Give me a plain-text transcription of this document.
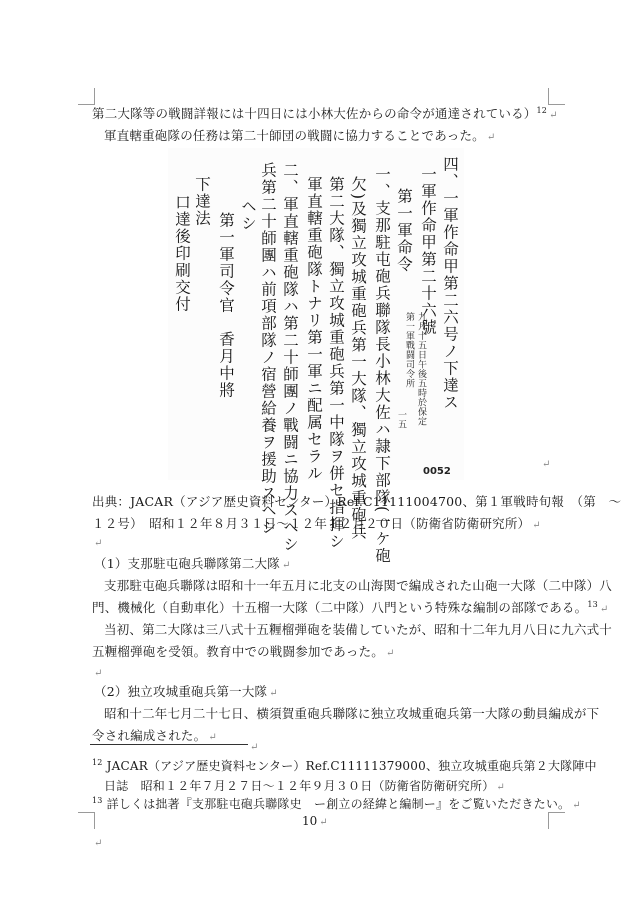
第二大隊等の戦闘詳報には十四日には小林大佐からの命令が通達されている）$^{12}$ ↵
軍直轄重砲隊の任務は第二十師団の戦闘に協力することであった。 ↵
四、一軍作命甲第二六号ノ下達ス
一軍作命甲第二十六號
第一軍命令
一、支那駐屯砲兵聯隊長小林大佐ハ隷下部隊(一ケ砲
欠)及獨立攻城重砲兵第一大隊、獨立攻城重砲兵
第二大隊、獨立攻城重砲兵第一中隊ヲ併セ指揮シ
軍直轄重砲隊トナリ第一軍ニ配属セラル
二、軍直轄重砲隊ハ第二十師團ノ戰闘ニ協力スヘシ
兵第二十師團ハ前項部隊ノ宿營給養ヲ援助スヘシ
ヘシ
第一軍司令官　香月中將
下達法
口達後印刷交付
九月十五日午後五時於保定
第一軍戰闘司令所
一五
0052
↵
出典：JACAR（アジア歴史資料センター）Ref.C11111004700、第１軍戦時旬報　（第　～
１２号）　昭和１２年８月３１日～１２年１２月２０日（防衛省防衛研究所） ↵
↵
（1）支那駐屯砲兵聯隊第二大隊 ↵
支那駐屯砲兵聯隊は昭和十一年五月に北支の山海関で編成された山砲一大隊（二中隊）八
門、機械化（自動車化）十五榴一大隊（二中隊）八門という特殊な編制の部隊である。$^{13}$ ↵
当初、第二大隊は三八式十五糎榴弾砲を装備していたが、昭和十二年九月八日に九六式十
五糎榴弾砲を受領。教育中での戦闘参加であった。 ↵
↵
（2）独立攻城重砲兵第一大隊 ↵
昭和十二年七月二十七日、横須賀重砲兵聯隊に独立攻城重砲兵第一大隊の動員編成が下
令され編成された。 ↵
↵
$^{12}$ JACAR（アジア歴史資料センター）Ref.C11111379000、独立攻城重砲兵第２大隊陣中
日誌　昭和１２年７月２７日～１２年９月３０日（防衛省防衛研究所） ↵
$^{13}$ 詳しくは拙著『支那駐屯砲兵聯隊史　ー創立の経緯と編制ー』をご覧いただきたい。 ↵
10 ↵
↵
